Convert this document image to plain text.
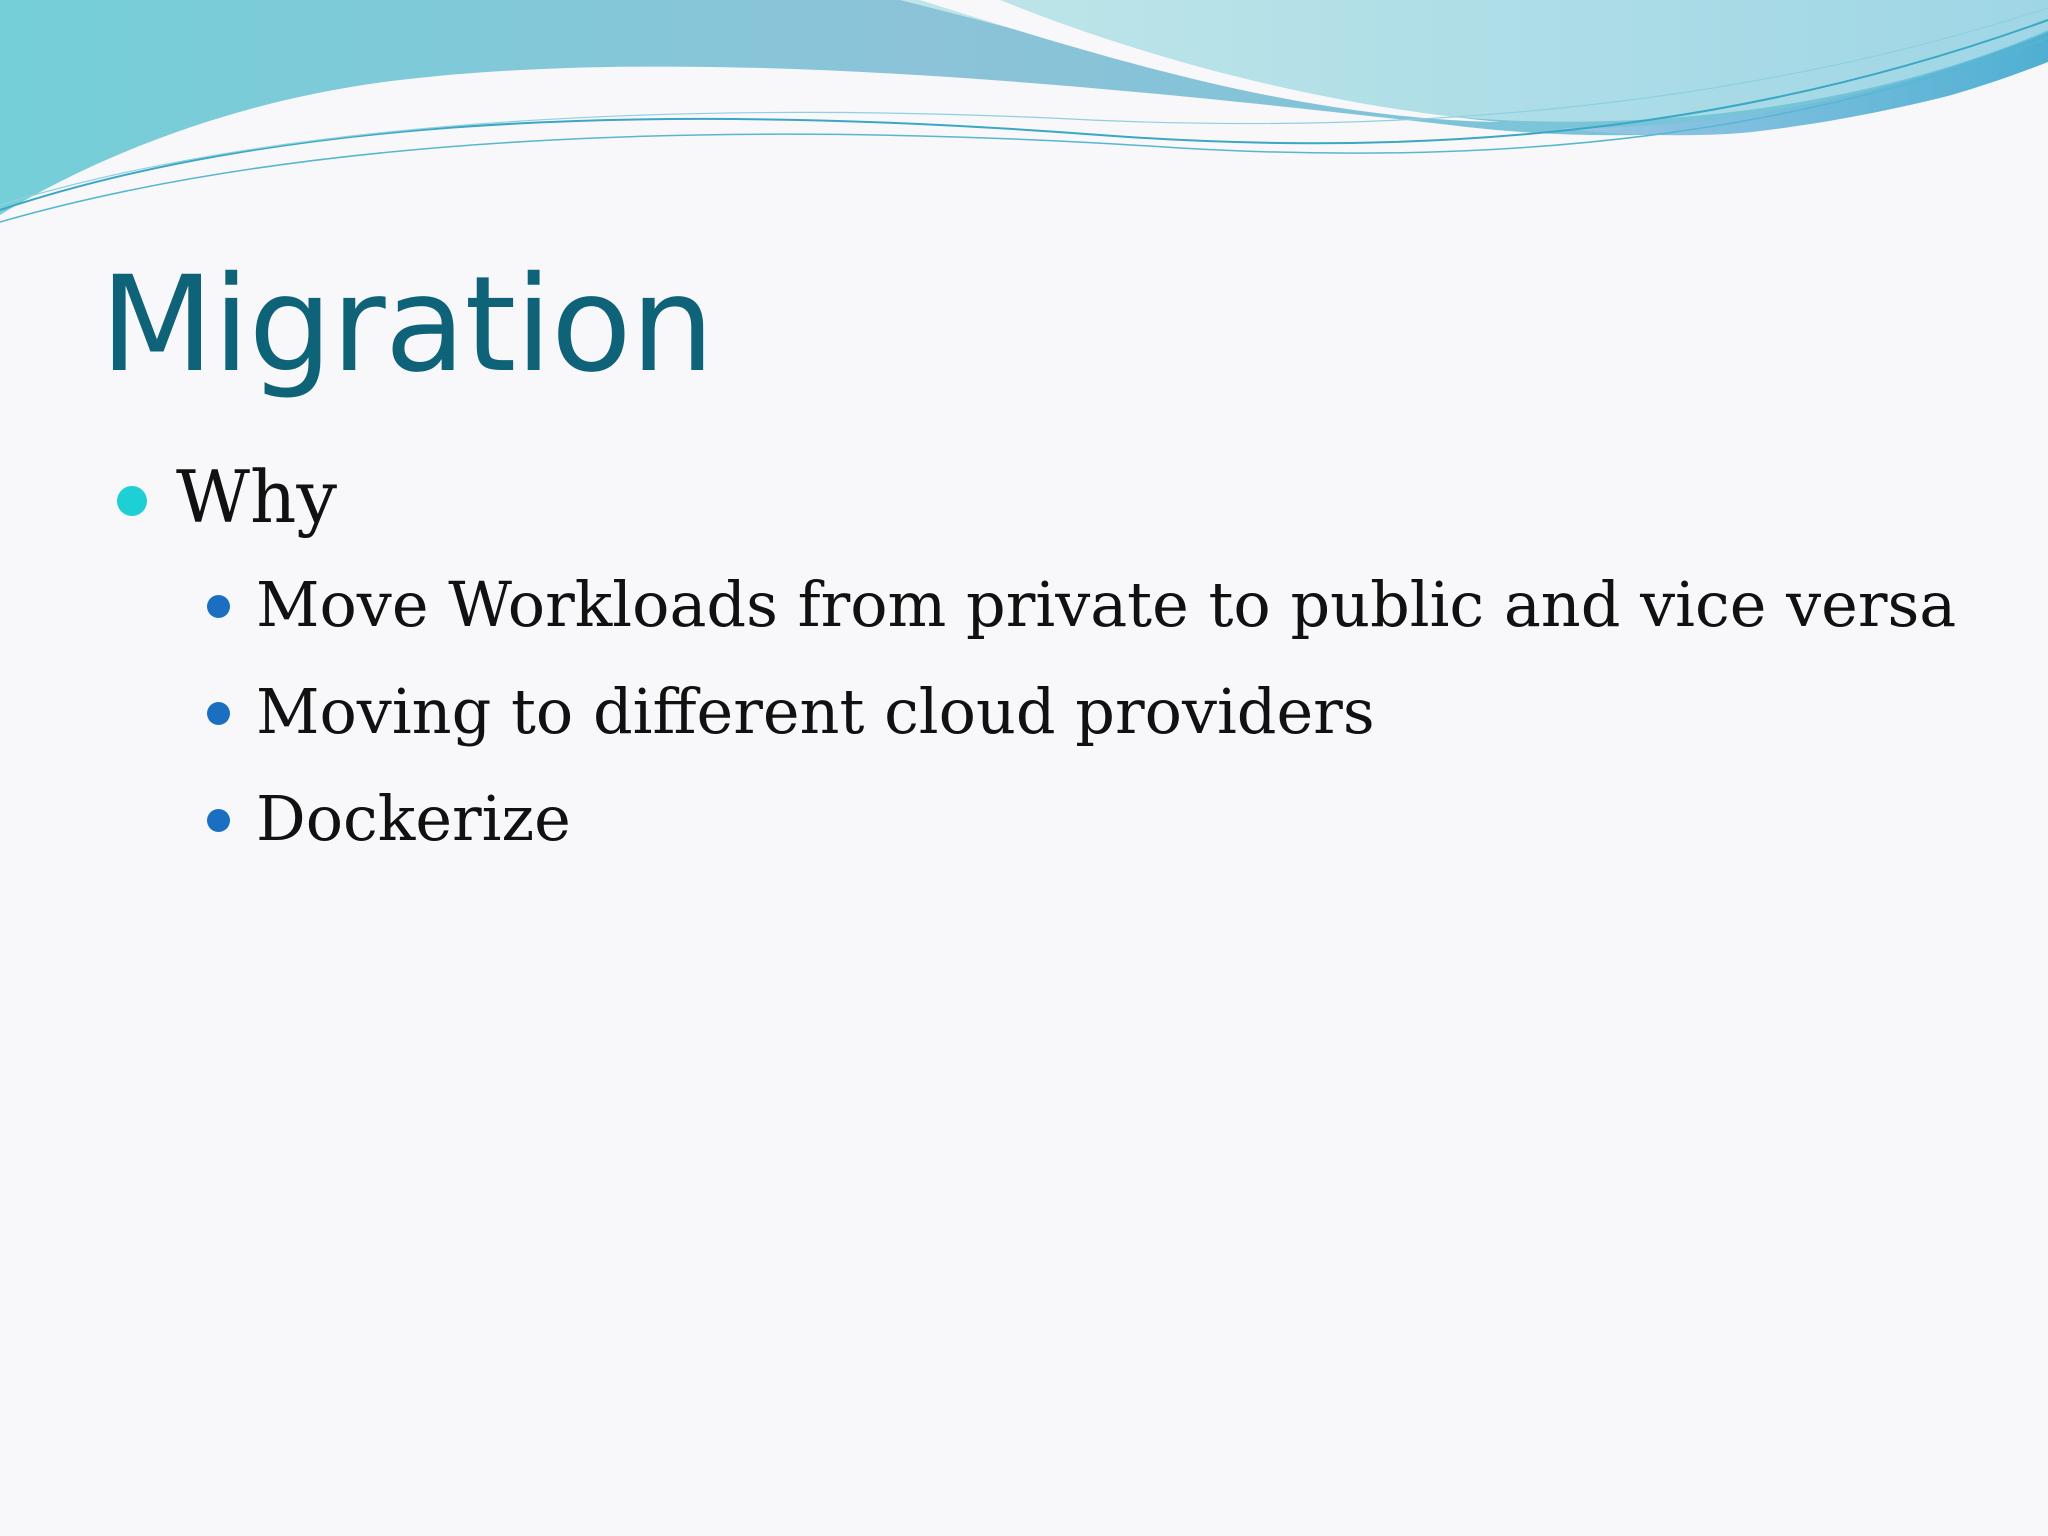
Migration
Why
Move Workloads from private to public and vice versa
Moving to different cloud providers
Dockerize
